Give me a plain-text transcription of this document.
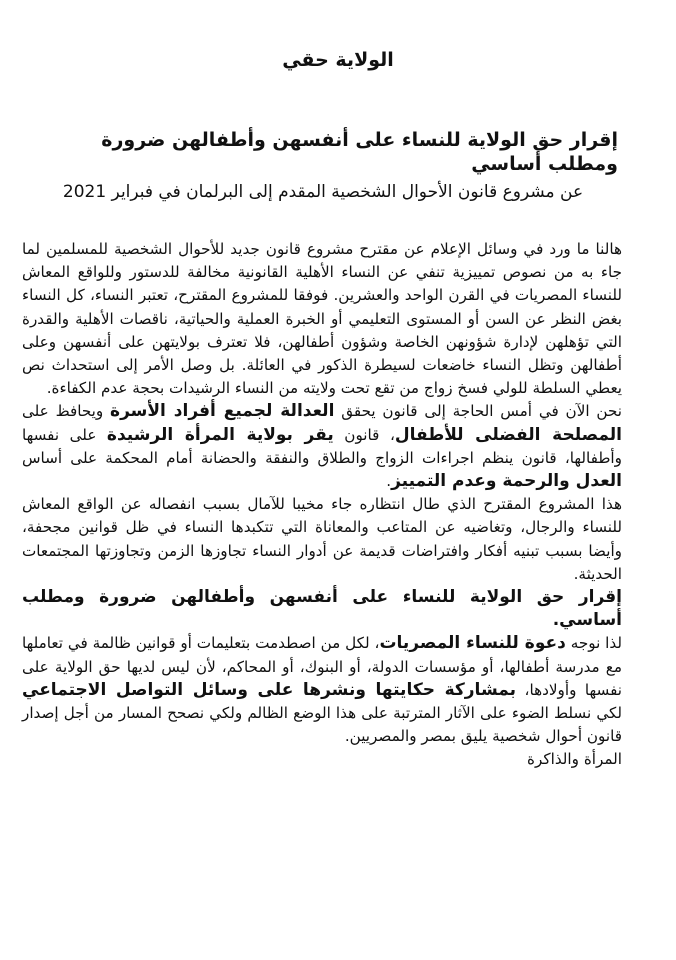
الولاية حقي
إقرار حق الولاية للنساء على أنفسهن وأطفالهن ضرورة ومطلب أساسي
عن مشروع قانون الأحوال الشخصية المقدم إلى البرلمان في فبراير 2021

هالنا ما ورد في وسائل الإعلام عن مقترح مشروع قانون جديد للأحوال الشخصية للمسلمين لما جاء به من نصوص تمييزية تنفي عن النساء الأهلية القانونية مخالفة للدستور وللواقع المعاش للنساء المصريات في القرن الواحد والعشرين. فوفقا للمشروع المقترح، تعتبر النساء، كل النساء بغض النظر عن السن أو المستوى التعليمي أو الخبرة العملية والحياتية، ناقصات الأهلية والقدرة التي تؤهلهن لإدارة شؤونهن الخاصة وشؤون أطفالهن، فلا تعترف بولايتهن على أنفسهن وعلى أطفالهن وتظل النساء خاضعات لسيطرة الذكور في العائلة. بل وصل الأمر إلى استحداث نص يعطي السلطة للولي فسخ زواج من تقع تحت ولايته من النساء الرشيدات بحجة عدم الكفاءة.

نحن الآن في أمس الحاجة إلى قانون يحقق العدالة لجميع أفراد الأسرة ويحافظ على المصلحة الفضلى للأطفال، قانون يقر بولاية المرأة الرشيدة على نفسها وأطفالها، قانون ينظم اجراءات الزواج والطلاق والنفقة والحضانة أمام المحكمة على أساس العدل والرحمة وعدم التمييز.

هذا المشروع المقترح الذي طال انتظاره جاء مخيبا للآمال بسبب انفصاله عن الواقع المعاش للنساء والرجال، وتغاضيه عن المتاعب والمعاناة التي تتكبدها النساء في ظل قوانين مجحفة، وأيضا بسبب تبنيه أفكار وافتراضات قديمة عن أدوار النساء تجاوزها الزمن وتجاوزتها المجتمعات الحديثة.

إقرار حق الولاية للنساء على أنفسهن وأطفالهن ضرورة ومطلب أساسي.

لذا نوجه دعوة للنساء المصريات، لكل من اصطدمت بتعليمات أو قوانين ظالمة في تعاملها مع مدرسة أطفالها، أو مؤسسات الدولة، أو البنوك، أو المحاكم، لأن ليس لديها حق الولاية على نفسها وأولادها، بمشاركة حكايتها ونشرها على وسائل التواصل الاجتماعي لكي نسلط الضوء على الآثار المترتبة على هذا الوضع الظالم ولكي نصحح المسار من أجل إصدار قانون أحوال شخصية يليق بمصر والمصريين.

المرأة والذاكرة
